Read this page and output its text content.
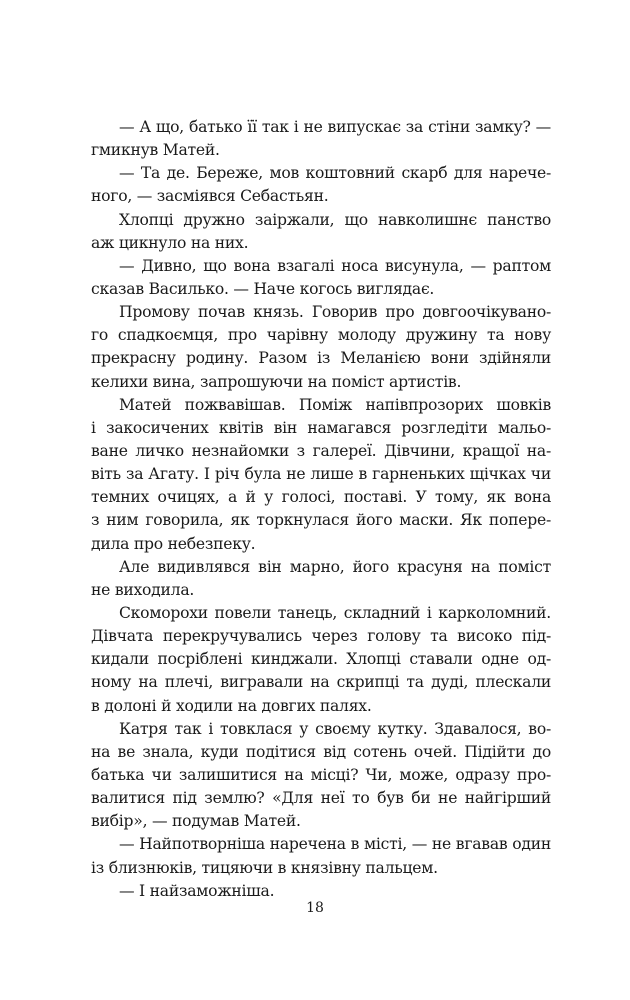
— А що, батько її так і не випускає за стіни замку? —
гмикнув Матей.
— Та де. Береже, мов коштовний скарб для нарече-
ного, — засміявся Себастьян.
Хлопці дружно заіржали, що навколишнє панство
аж цикнуло на них.
— Дивно, що вона взагалі носа висунула, — раптом
сказав Василько. — Наче когось виглядає.
Промову почав князь. Говорив про довгоочікувано-
го спадкоємця, про чарівну молоду дружину та нову
прекрасну родину. Разом із Меланією вони здійняли
келихи вина, запрошуючи на поміст артистів.
Матей пожвавішав. Поміж напівпрозорих шовків
і закосичених квітів він намагався розгледіти мальо-
ване личко незнайомки з галереї. Дівчини, кращої на-
віть за Агату. І річ була не лише в гарненьких щічках чи
темних очицях, а й у голосі, поставі. У тому, як вона
з ним говорила, як торкнулася його маски. Як попере-
дила про небезпеку.
Але видивлявся він марно, його красуня на поміст
не виходила.
Скоморохи повели танець, складний і карколомний.
Дівчата перекручувались через голову та високо під-
кидали посріблені кинджали. Хлопці ставали одне од-
ному на плечі, вигравали на скрипці та дуді, плескали
в долоні й ходили на довгих палях.
Катря так і товклася у своєму кутку. Здавалося, во-
на ве знала, куди подітися від сотень очей. Підійти до
батька чи залишитися на місці? Чи, може, одразу про-
валитися під землю? «Для неї то був би не найгірший
вибір», — подумав Матей.
— Найпотворніша наречена в місті, — не вгавав один
із близнюків, тицяючи в князівну пальцем.
— І найзаможніша.
18
